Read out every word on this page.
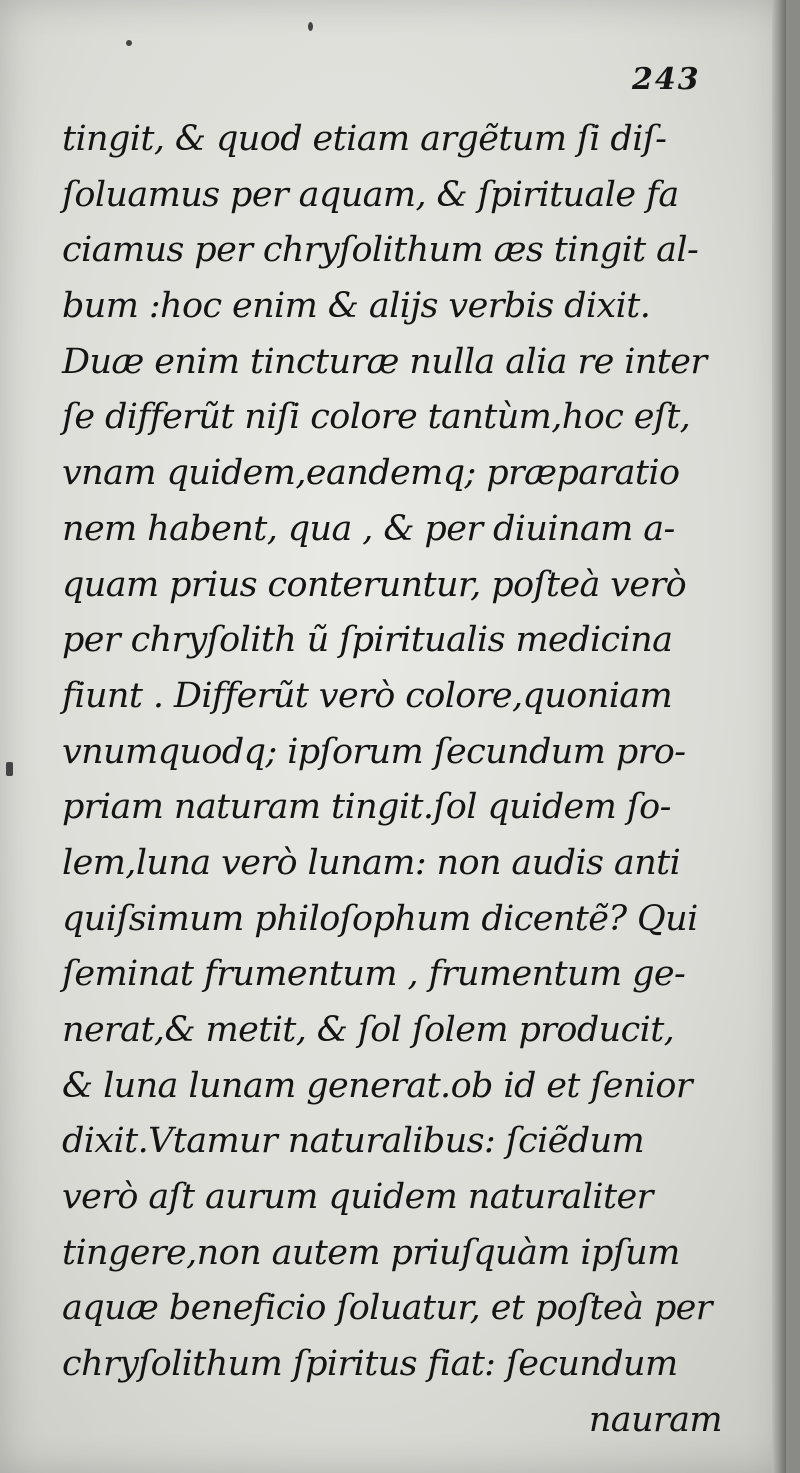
243
tingit, & quod etiam argẽtum ſi diſ-
ſoluamus per aquam, & ſpirituale fa
ciamus per chryſolithum æs tingit al-
bum :hoc enim & alijs verbis dixit.
Duæ enim tincturæ nulla alia re inter
ſe differũt niſi colore tantùm,hoc eſt,
vnam quidem,eandemq; præparatio
nem habent, qua , & per diuinam a-
quam prius conteruntur, poſteà verò
per chryſolith ũ ſpiritualis medicina
fiunt . Differũt verò colore,quoniam
vnumquodq; ipſorum ſecundum pro-
priam naturam tingit.ſol quidem ſo-
lem,luna verò lunam: non audis anti
quiſsimum philoſophum dicentẽ? Qui
ſeminat frumentum , frumentum ge-
nerat,& metit, & ſol ſolem producit,
& luna lunam generat.ob id et ſenior
dixit.Vtamur naturalibus: ſciẽdum
verò aſt aurum quidem naturaliter
tingere,non autem priuſquàm ipſum
aquæ beneficio ſoluatur, et poſteà per
chryſolithum ſpiritus fiat: ſecundum
nauram
